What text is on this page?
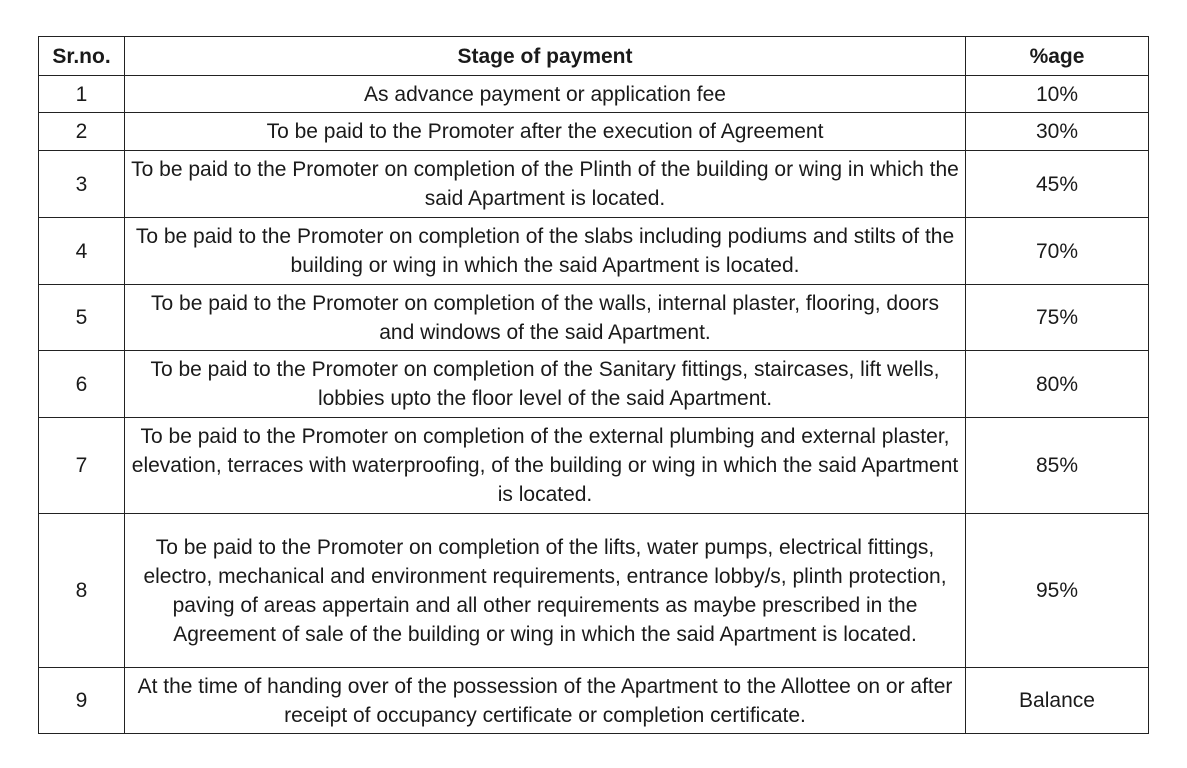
Sr.no.	Stage of payment	%age
1	As advance payment or application fee	10%
2	To be paid to the Promoter after the execution of Agreement	30%
3	To be paid to the Promoter on completion of the Plinth of the building or wing in which the said Apartment is located.	45%
4	To be paid to the Promoter on completion of the slabs including podiums and stilts of the building or wing in which the said Apartment is located.	70%
5	To be paid to the Promoter on completion of the walls, internal plaster, flooring, doors and windows of the said Apartment.	75%
6	To be paid to the Promoter on completion of the Sanitary fittings, staircases, lift wells, lobbies upto the floor level of the said Apartment.	80%
7	To be paid to the Promoter on completion of the external plumbing and external plaster, elevation, terraces with waterproofing, of the building or wing in which the said Apartment is located.	85%
8	To be paid to the Promoter on completion of the lifts, water pumps, electrical fittings, electro, mechanical and environment requirements, entrance lobby/s, plinth protection, paving of areas appertain and all other requirements as maybe prescribed in the Agreement of sale of the building or wing in which the said Apartment is located.	95%
9	At the time of handing over of the possession of the Apartment to the Allottee on or after receipt of occupancy certificate or completion certificate.	Balance
